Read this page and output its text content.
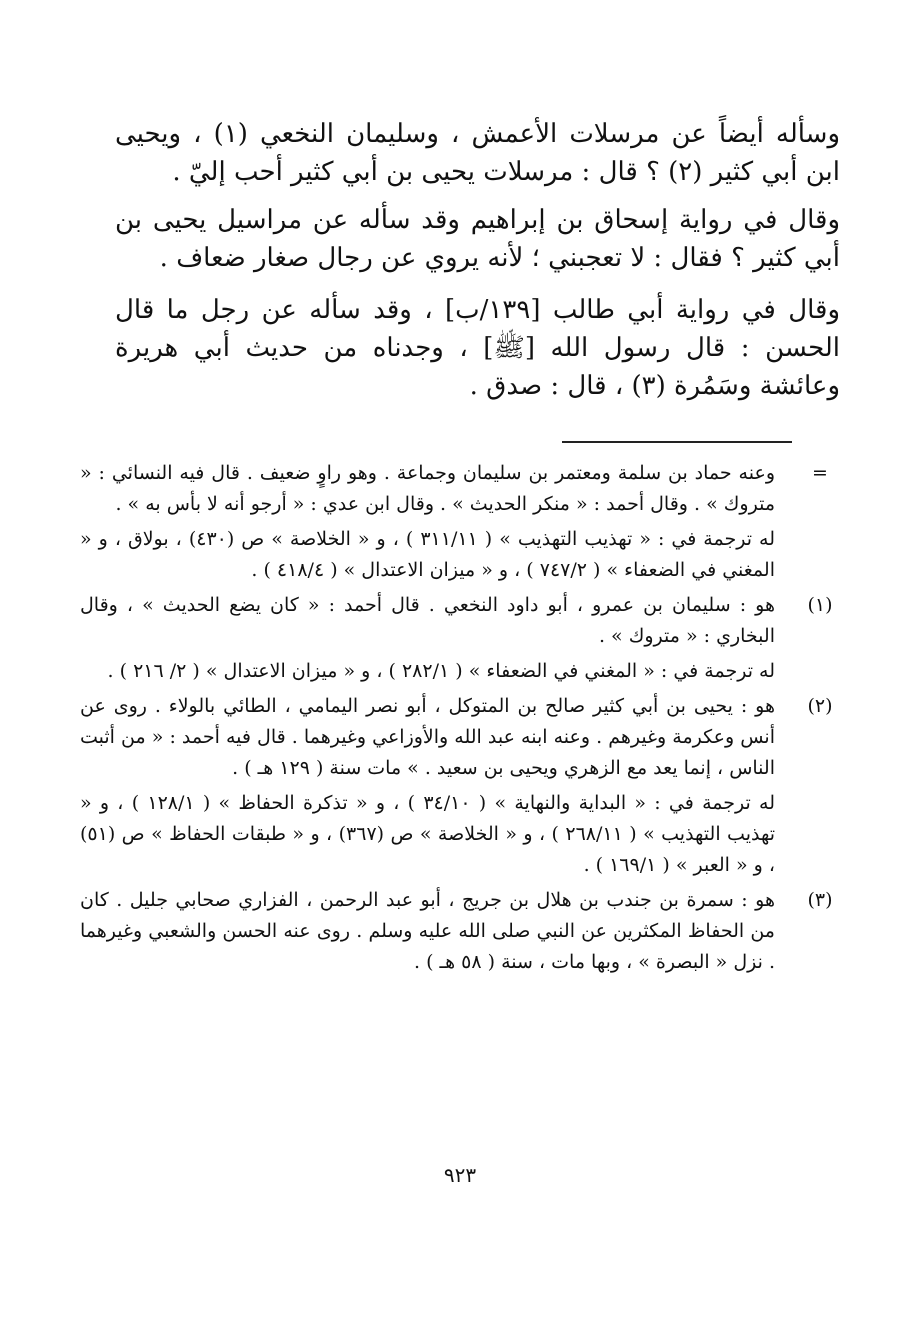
وسأله أيضاً عن مرسلات الأعمش ، وسليمان النخعي (١) ، ويحيى ابن أبي كثير (٢) ؟ قال : مرسلات يحيى بن أبي كثير أحب إليّ .

وقال في رواية إسحاق بن إبراهيم وقد سأله عن مراسيل يحيى بن أبي كثير ؟ فقال : لا تعجبني ؛ لأنه يروي عن رجال صغار ضعاف .

وقال في رواية أبي طالب [١٣٩/ب] ، وقد سأله عن رجل ما قال الحسن : قال رسول الله [ﷺ] ، وجدناه من حديث أبي هريرة وعائشة وسَمُرة (٣) ، قال : صدق .

=

وعنه حماد بن سلمة ومعتمر بن سليمان وجماعة . وهو راوٍ ضعيف . قال فيه النسائي : « متروك » . وقال أحمد : « منكر الحديث » . وقال ابن عدي : « أرجو أنه لا بأس به » .

له ترجمة في : « تهذيب التهذيب » ( ٣١١/١١ ) ، و « الخلاصة » ص (٤٣٠) ، بولاق ، و « المغني في الضعفاء » ( ٧٤٧/٢ ) ، و « ميزان الاعتدال » ( ٤١٨/٤ ) .

(١)

هو : سليمان بن عمرو ، أبو داود النخعي . قال أحمد : « كان يضع الحديث » ، وقال البخاري : « متروك » .

له ترجمة في : « المغني في الضعفاء » ( ٢٨٢/١ ) ، و « ميزان الاعتدال » ( ٢/ ٢١٦ ) .

(٢)

هو : يحيى بن أبي كثير صالح بن المتوكل ، أبو نصر اليمامي ، الطائي بالولاء . روى عن أنس وعكرمة وغيرهم . وعنه ابنه عبد الله والأوزاعي وغيرهما . قال فيه أحمد : « من أثبت الناس ، إنما يعد مع الزهري ويحيى بن سعيد . » مات سنة ( ١٢٩ هـ ) .

له ترجمة في : « البداية والنهاية » ( ٣٤/١٠ ) ، و « تذكرة الحفاظ » ( ١٢٨/١ ) ، و « تهذيب التهذيب » ( ٢٦٨/١١ ) ، و « الخلاصة » ص (٣٦٧) ، و « طبقات الحفاظ » ص (٥١) ، و « العبر » ( ١٦٩/١ ) .

(٣)

هو : سمرة بن جندب بن هلال بن جريج ، أبو عبد الرحمن ، الفزاري صحابي جليل . كان من الحفاظ المكثرين عن النبي صلى الله عليه وسلم . روى عنه الحسن والشعبي وغيرهما . نزل « البصرة » ، وبها مات ، سنة ( ٥٨ هـ ) .

٩٢٣
